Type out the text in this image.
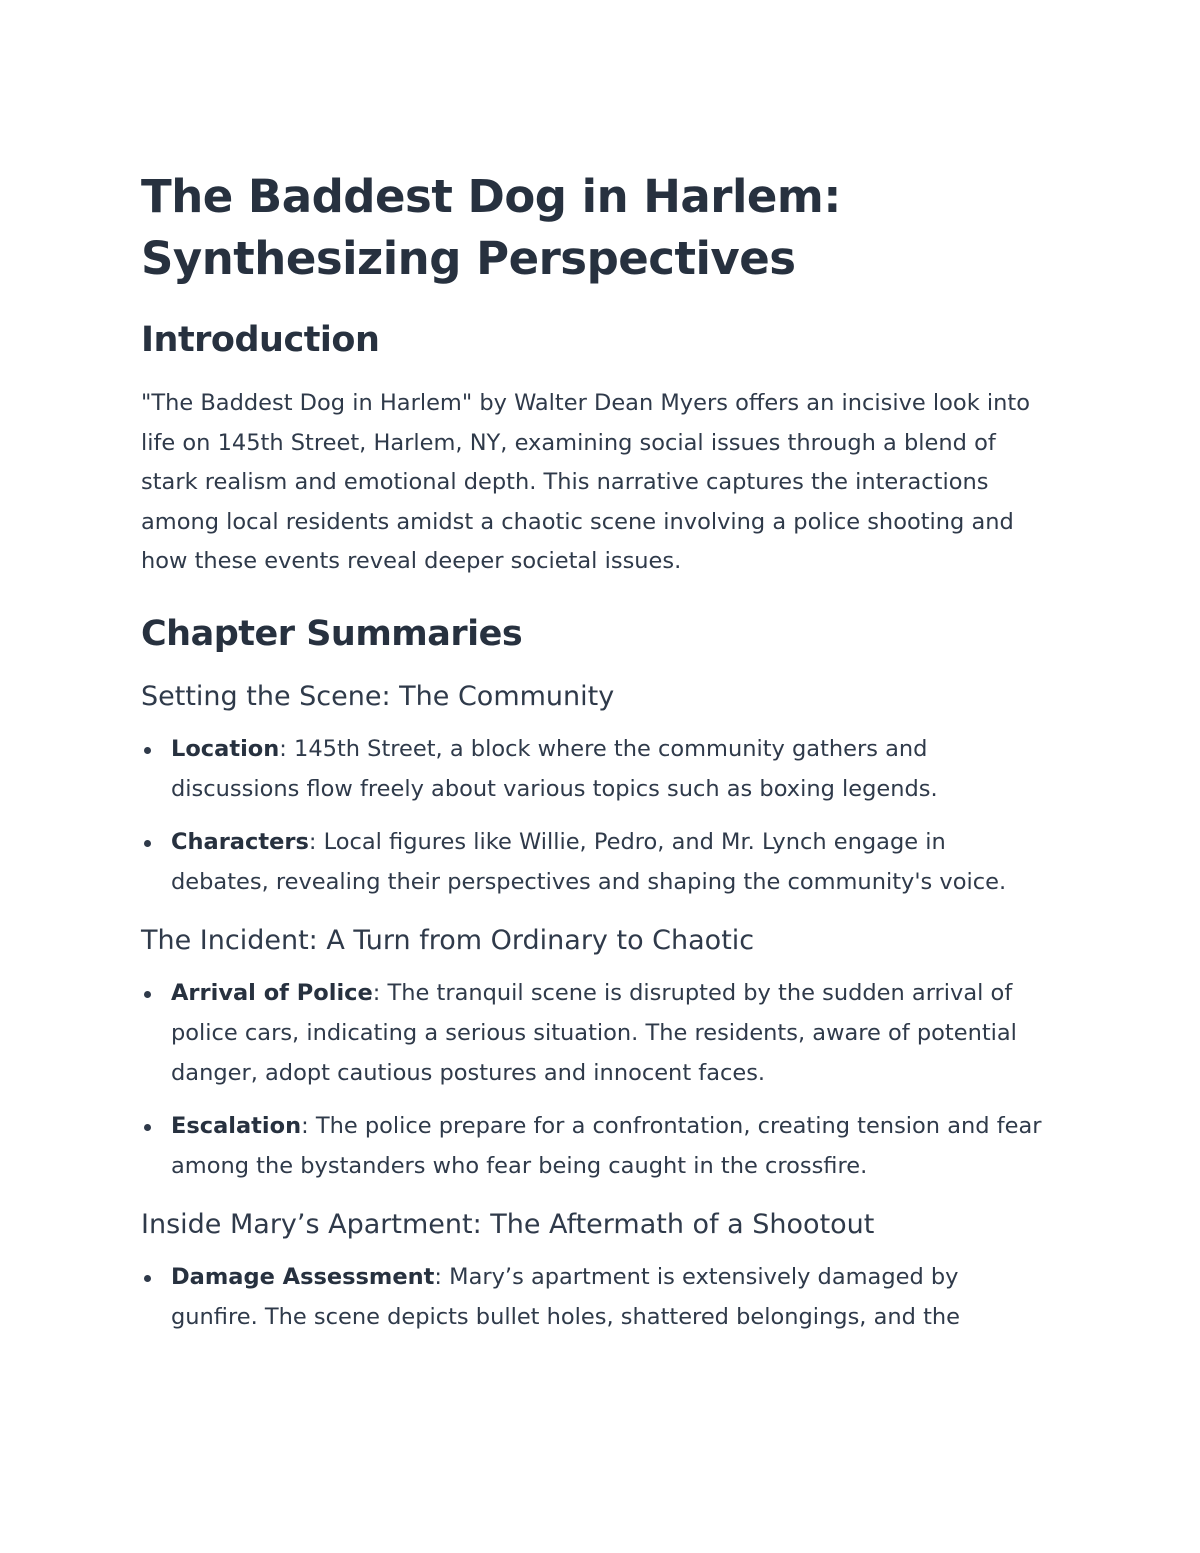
The Baddest Dog in Harlem:
Synthesizing Perspectives
Introduction

"The Baddest Dog in Harlem" by Walter Dean Myers offers an incisive look into life on 145th Street, Harlem, NY, examining social issues through a blend of stark realism and emotional depth. This narrative captures the interactions among local residents amidst a chaotic scene involving a police shooting and how these events reveal deeper societal issues.

Chapter Summaries
Setting the Scene: The Community
Location: 145th Street, a block where the community gathers and discussions flow freely about various topics such as boxing legends.
Characters: Local figures like Willie, Pedro, and Mr. Lynch engage in debates, revealing their perspectives and shaping the community's voice.
The Incident: A Turn from Ordinary to Chaotic
Arrival of Police: The tranquil scene is disrupted by the sudden arrival of police cars, indicating a serious situation. The residents, aware of potential danger, adopt cautious postures and innocent faces.
Escalation: The police prepare for a confrontation, creating tension and fear among the bystanders who fear being caught in the crossfire.
Inside Mary’s Apartment: The Aftermath of a Shootout
Damage Assessment: Mary’s apartment is extensively damaged by gunfire. The scene depicts bullet holes, shattered belongings, and the
